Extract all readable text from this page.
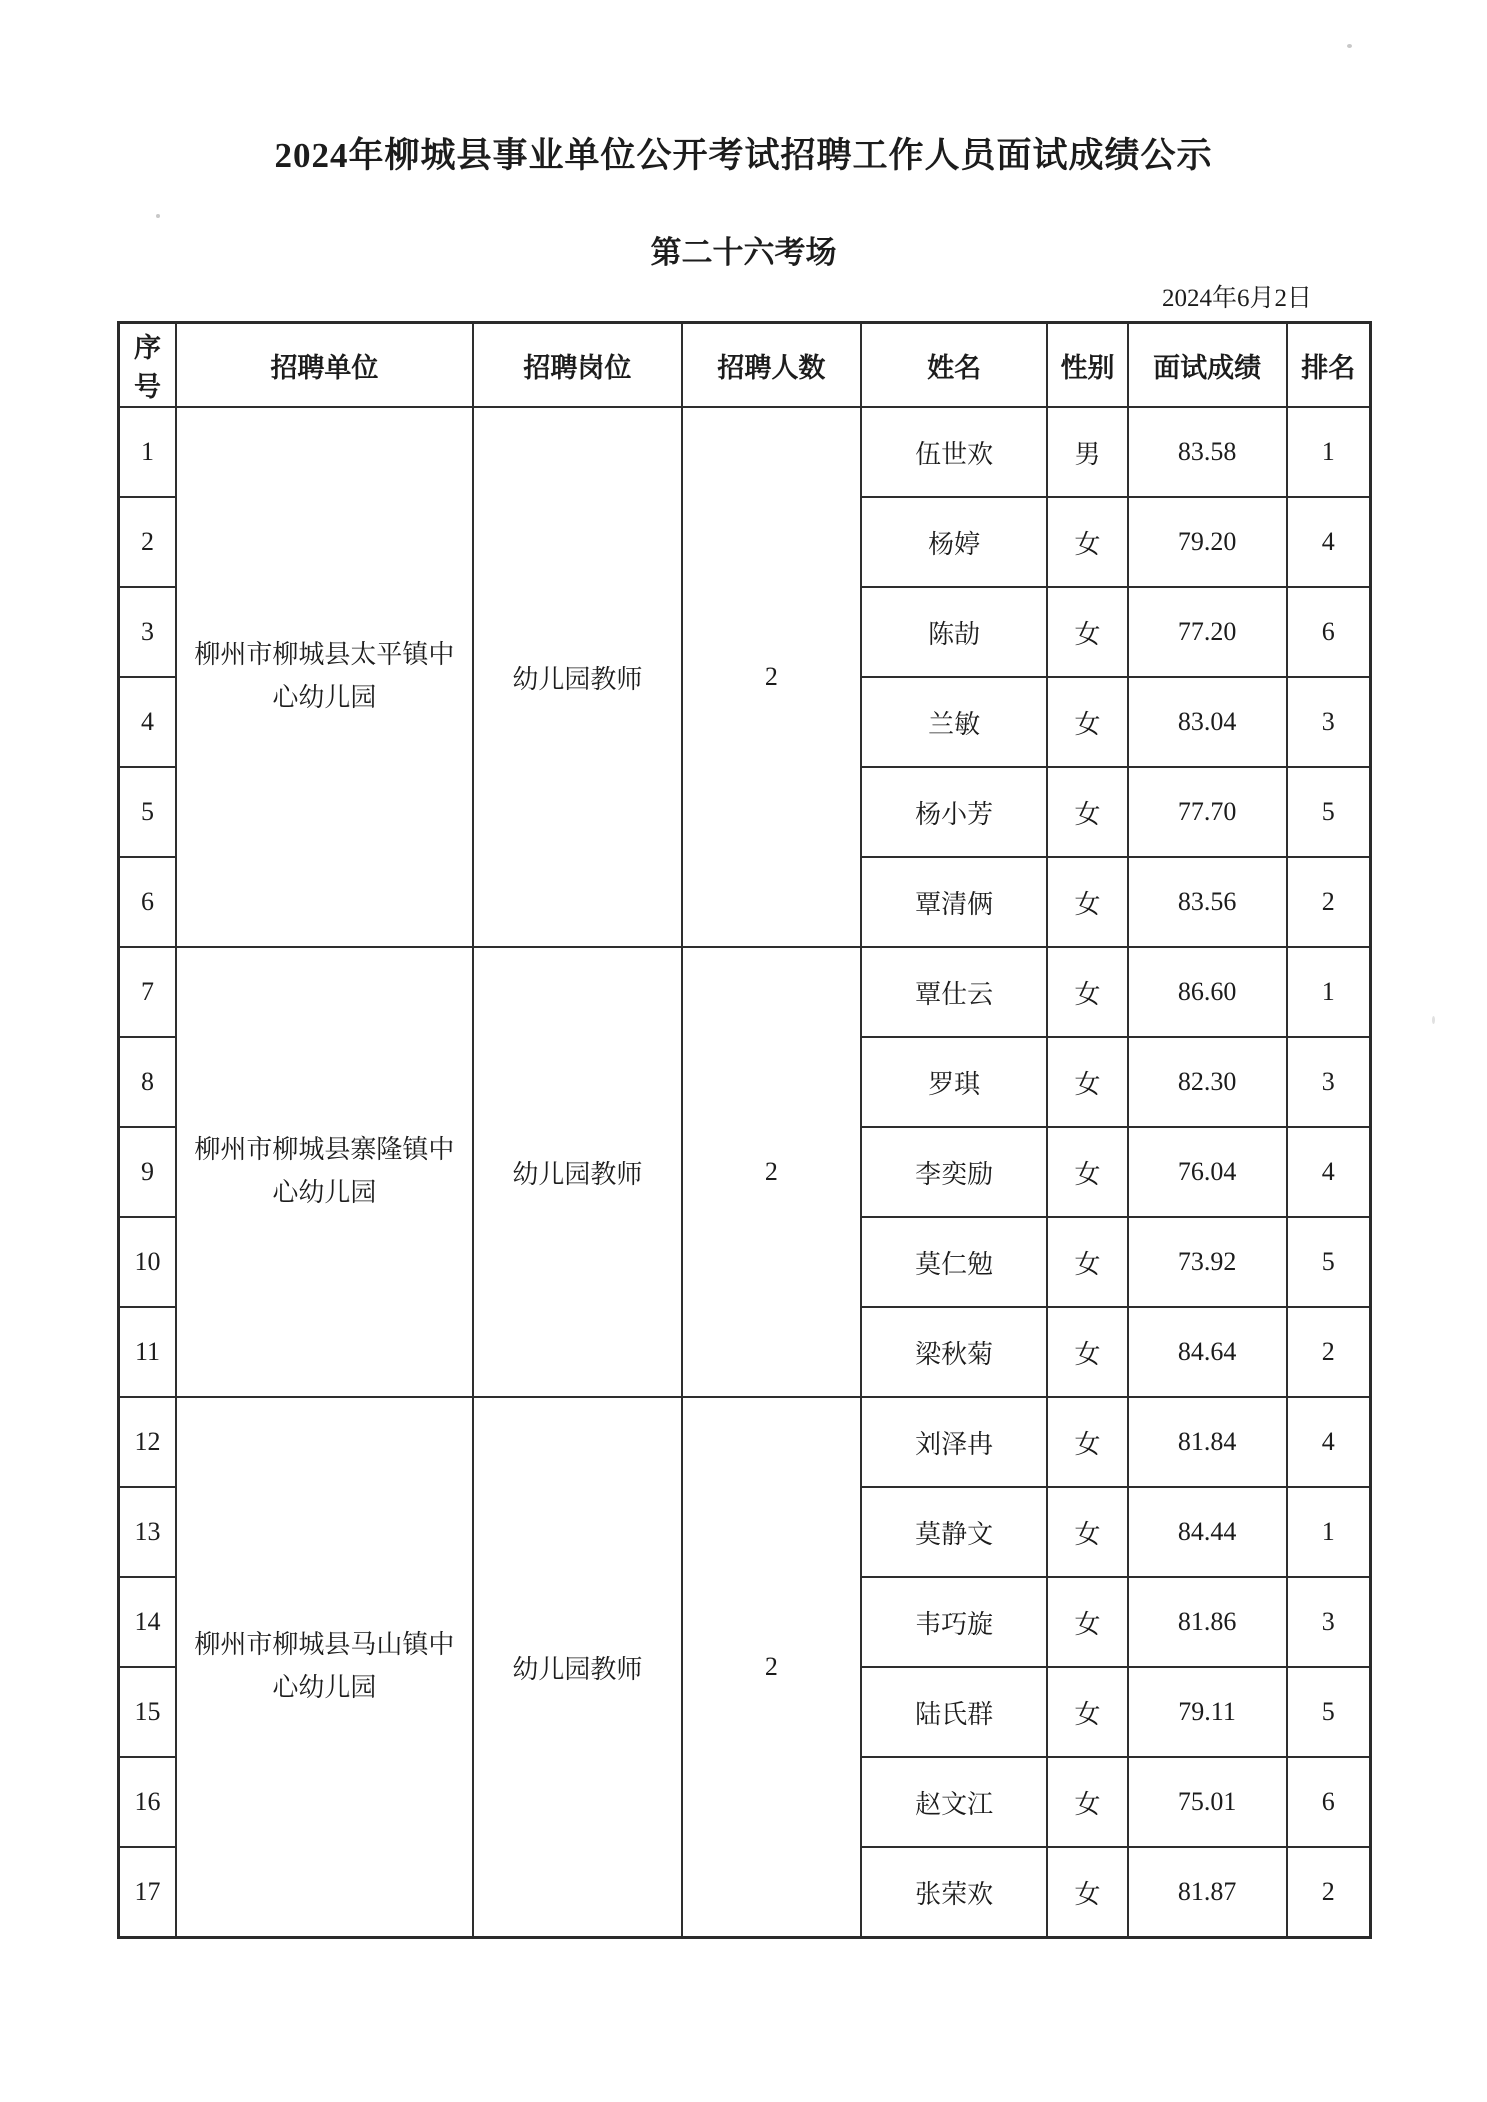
2024年柳城县事业单位公开考试招聘工作人员面试成绩公示
第二十六考场
2024年6月2日
序号	招聘单位	招聘岗位	招聘人数	姓名	性别	面试成绩	排名
1	柳州市柳城县太平镇中心幼儿园	幼儿园教师	2	伍世欢	男	83.58	1
2				杨婷	女	79.20	4
3				陈劼	女	77.20	6
4				兰敏	女	83.04	3
5				杨小芳	女	77.70	5
6				覃清俩	女	83.56	2
7	柳州市柳城县寨隆镇中心幼儿园	幼儿园教师	2	覃仕云	女	86.60	1
8				罗琪	女	82.30	3
9				李奕励	女	76.04	4
10				莫仁勉	女	73.92	5
11				梁秋菊	女	84.64	2
12	柳州市柳城县马山镇中心幼儿园	幼儿园教师	2	刘泽冉	女	81.84	4
13				莫静文	女	84.44	1
14				韦巧旋	女	81.86	3
15				陆氏群	女	79.11	5
16				赵文江	女	75.01	6
17				张荣欢	女	81.87	2
